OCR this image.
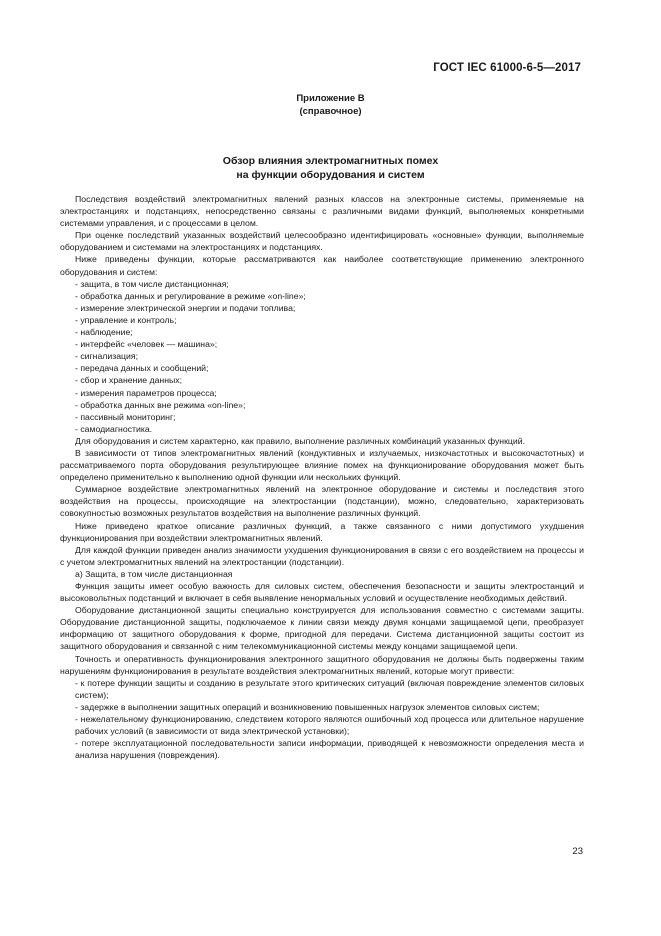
ГОСТ IEC 61000-6-5—2017
Приложение В
(справочное)
Обзор влияния электромагнитных помех
на функции оборудования и систем

Последствия воздействий электромагнитных явлений разных классов на электронные системы, применяемые на электростанциях и подстанциях, непосредственно связаны с различными видами функций, выполняемых конкретными системами управления, и с процессами в целом.

При оценке последствий указанных воздействий целесообразно идентифицировать «основные» функции, выполняемые оборудованием и системами на электростанциях и подстанциях.

Ниже приведены функции, которые рассматриваются как наиболее соответствующие применению электронного оборудования и систем:

- защита, в том числе дистанционная;
- обработка данных и регулирование в режиме «on-line»;
- измерение электрической энергии и подачи топлива;
- управление и контроль;
- наблюдение;
- интерфейс «человек — машина»;
- сигнализация;
- передача данных и сообщений;
- сбор и хранение данных;
- измерения параметров процесса;
- обработка данных вне режима «on-line»;
- пассивный мониторинг;
- самодиагностика.

Для оборудования и систем характерно, как правило, выполнение различных комбинаций указанных функций.

В зависимости от типов электромагнитных явлений (кондуктивных и излучаемых, низкочастотных и высокочастотных) и рассматриваемого порта оборудования результирующее влияние помех на функционирование оборудования может быть определено применительно к выполнению одной функции или нескольких функций.

Суммарное воздействие электромагнитных явлений на электронное оборудование и системы и последствия этого воздействия на процессы, происходящие на электростанции (подстанции), можно, следовательно, характеризовать совокупностью возможных результатов воздействия на выполнение различных функций.

Ниже приведено краткое описание различных функций, а также связанного с ними допустимого ухудшения функционирования при воздействии электромагнитных явлений.

Для каждой функции приведен анализ значимости ухудшения функционирования в связи с его воздействием на процессы и с учетом электромагнитных явлений на электростанции (подстанции).

а) Защита, в том числе дистанционная

Функция защиты имеет особую важность для силовых систем, обеспечения безопасности и защиты электростанций и высоковольтных подстанций и включает в себя выявление ненормальных условий и осуществление необходимых действий.

Оборудование дистанционной защиты специально конструируется для использования совместно с системами защиты. Оборудование дистанционной защиты, подключаемое к линии связи между двумя концами защищаемой цепи, преобразует информацию от защитного оборудования к форме, пригодной для передачи. Система дистанционной защиты состоит из защитного оборудования и связанной с ним телекоммуникационной системы между концами защищаемой цепи.

Точность и оперативность функционирования электронного защитного оборудования не должны быть подвержены таким нарушениям функционирования в результате воздействия электромагнитных явлений, которые могут привести:

- к потере функции защиты и созданию в результате этого критических ситуаций (включая повреждение элементов силовых систем);
- задержке в выполнении защитных операций и возникновению повышенных нагрузок элементов силовых систем;
- нежелательному функционированию, следствием которого являются ошибочный ход процесса или длительное нарушение рабочих условий (в зависимости от вида электрической установки);
- потере эксплуатационной последовательности записи информации, приводящей к невозможности определения места и анализа нарушения (повреждения).
23
